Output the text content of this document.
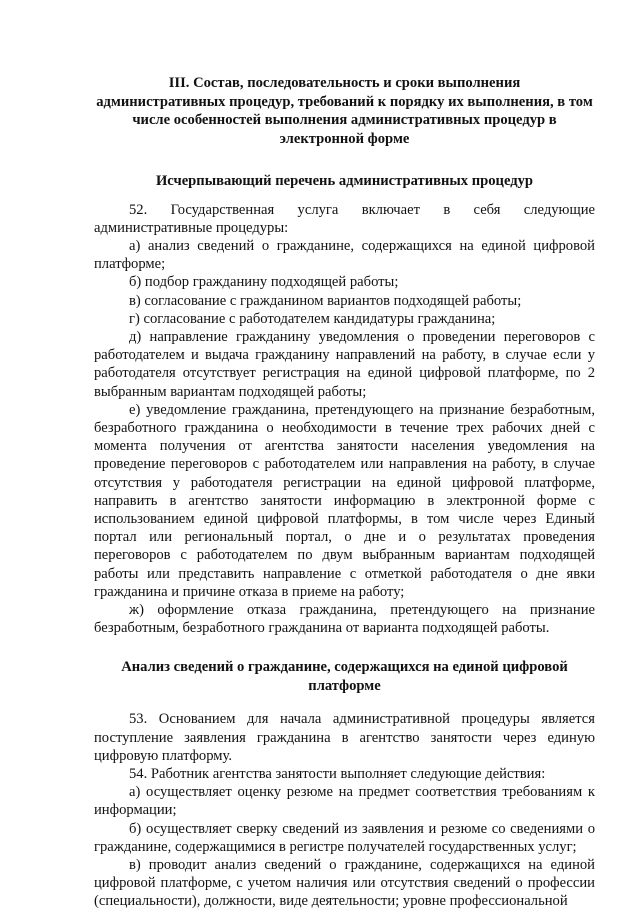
III. Состав, последовательность и сроки выполнения
административных процедур, требований к порядку их выполнения, в том
числе особенностей выполнения административных процедур в
электронной форме
Исчерпывающий перечень административных процедур

52. Государственная услуга включает в себя следующие административные процедуры:

а) анализ сведений о гражданине, содержащихся на единой цифровой платформе;

б) подбор гражданину подходящей работы;

в) согласование с гражданином вариантов подходящей работы;

г) согласование с работодателем кандидатуры гражданина;

д) направление гражданину уведомления о проведении переговоров с работодателем и выдача гражданину направлений на работу, в случае если у работодателя отсутствует регистрация на единой цифровой платформе, по 2 выбранным вариантам подходящей работы;

е) уведомление гражданина, претендующего на признание безработным, безработного гражданина о необходимости в течение трех рабочих дней с момента получения от агентства занятости населения уведомления на проведение переговоров с работодателем или направления на работу, в случае отсутствия у работодателя регистрации на единой цифровой платформе, направить в агентство занятости информацию в электронной форме с использованием единой цифровой платформы, в том числе через Единый портал или региональный портал, о дне и о результатах проведения переговоров с работодателем по двум выбранным вариантам подходящей работы или представить направление с отметкой работодателя о дне явки гражданина и причине отказа в приеме на работу;

ж) оформление отказа гражданина, претендующего на признание безработным, безработного гражданина от варианта подходящей работы.

Анализ сведений о гражданине, содержащихся на единой цифровой
платформе

53. Основанием для начала административной процедуры является поступление заявления гражданина в агентство занятости через единую цифровую платформу.

54. Работник агентства занятости выполняет следующие действия:

а) осуществляет оценку резюме на предмет соответствия требованиям к информации;

б) осуществляет сверку сведений из заявления и резюме со сведениями о гражданине, содержащимися в регистре получателей государственных услуг;

в) проводит анализ сведений о гражданине, содержащихся на единой цифровой платформе, с учетом наличия или отсутствия сведений о профессии (специальности), должности, виде деятельности; уровне профессиональной
